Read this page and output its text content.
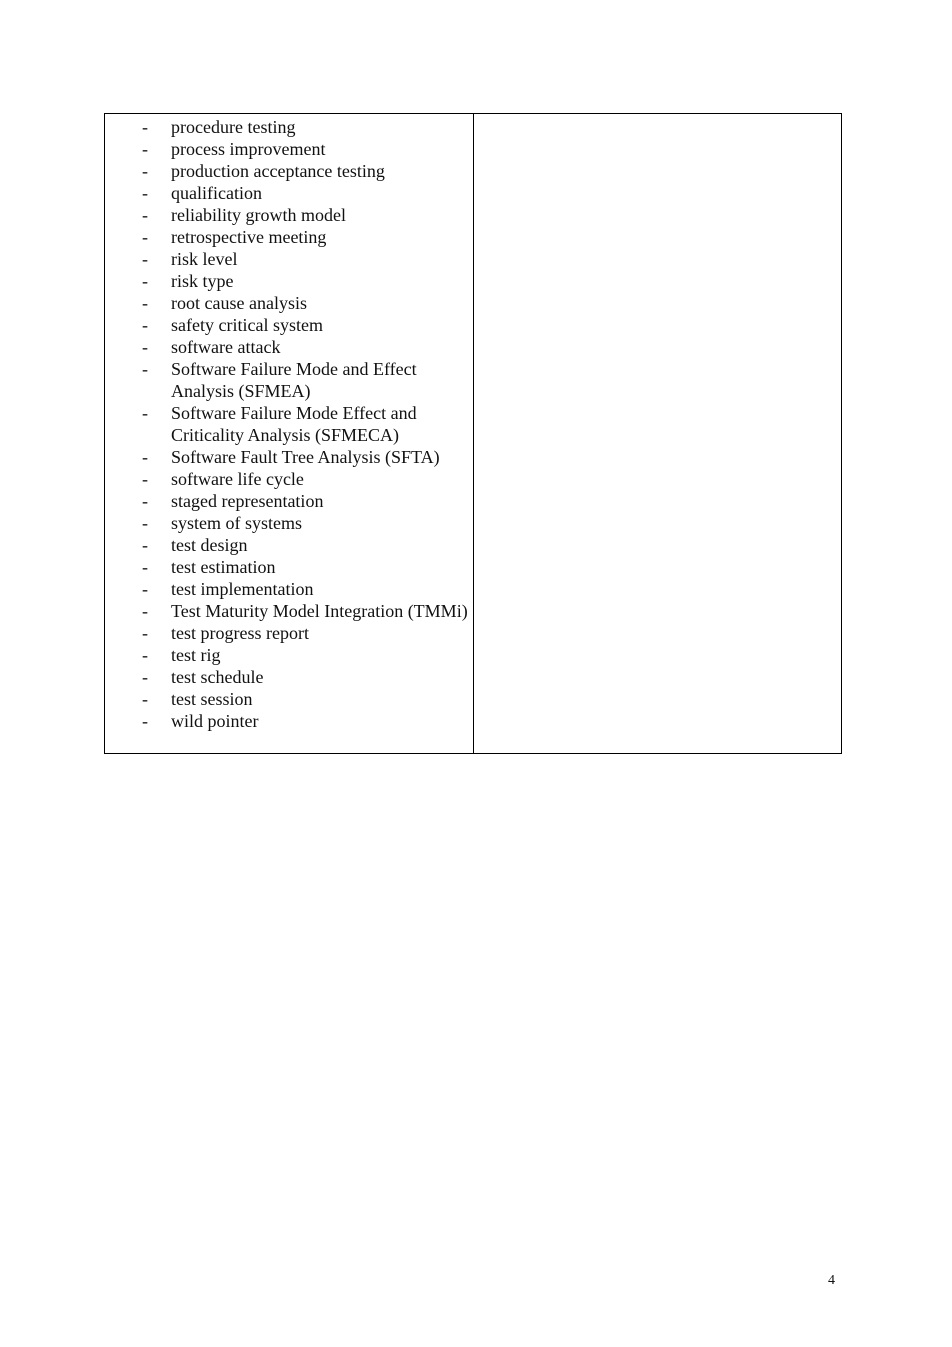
-	procedure testing
-	process improvement
-	production acceptance testing
-	qualification
-	reliability growth model
-	retrospective meeting
-	risk level
-	risk type
-	root cause analysis
-	safety critical system
-	software attack
-	Software Failure Mode and Effect Analysis (SFMEA)
-	Software Failure Mode Effect and Criticality Analysis (SFMECA)
-	Software Fault Tree Analysis (SFTA)
-	software life cycle
-	staged representation
-	system of systems
-	test design
-	test estimation
-	test implementation
-	Test Maturity Model Integration (TMMi)
-	test progress report
-	test rig
-	test schedule
-	test session
-	wild pointer
4
